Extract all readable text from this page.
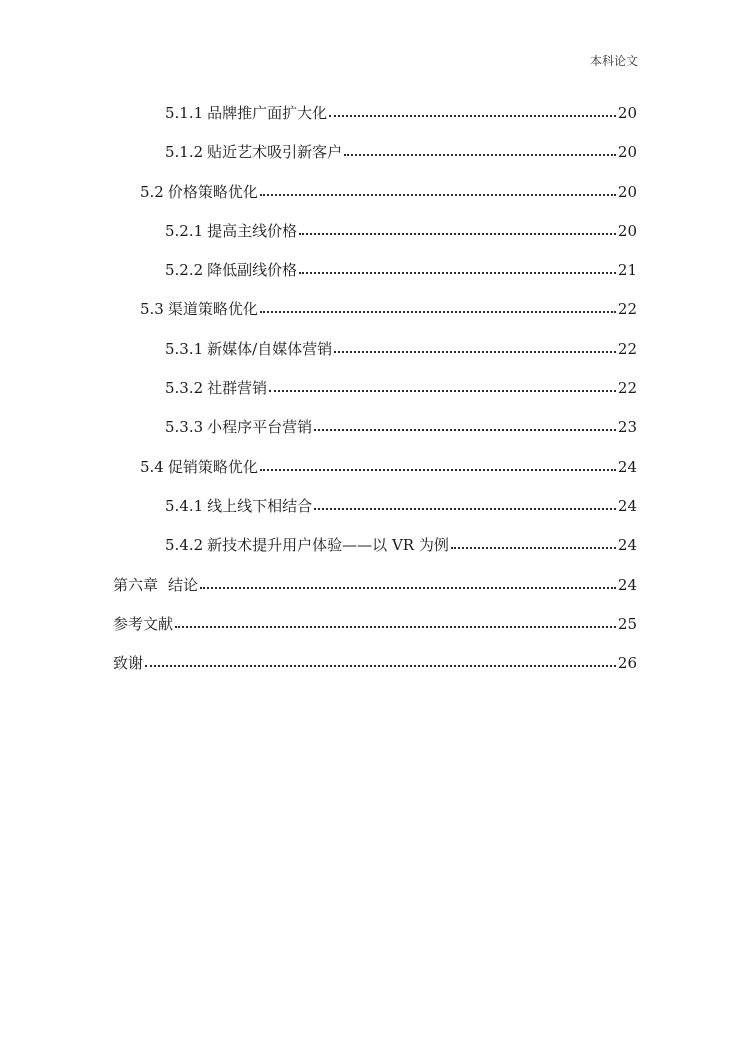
本科论文
5.1.1 品牌推广面扩大化	20
5.1.2 贴近艺术吸引新客户	20
5.2 价格策略优化	20
5.2.1 提高主线价格	20
5.2.2 降低副线价格	21
5.3 渠道策略优化	22
5.3.1 新媒体/自媒体营销	22
5.3.2 社群营销	22
5.3.3 小程序平台营销	23
5.4 促销策略优化	24
5.4.1 线上线下相结合	24
5.4.2 新技术提升用户体验——以 VR 为例	24
第六章 结论	24
参考文献	25
致谢	26
